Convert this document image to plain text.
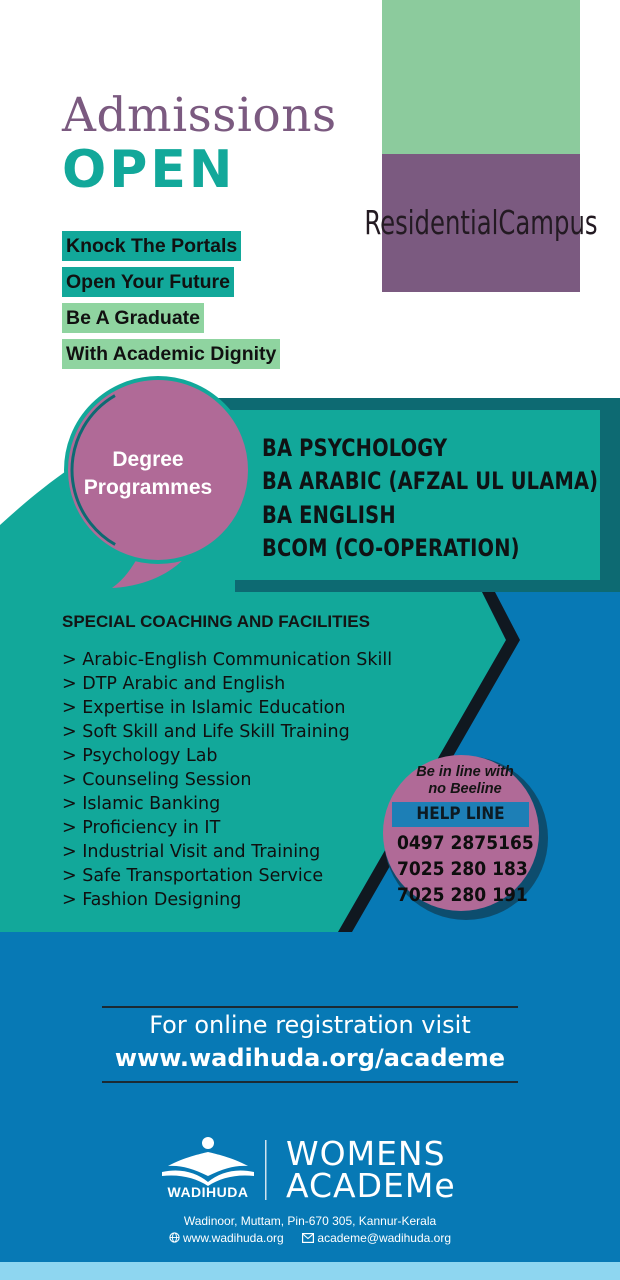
Admissions
OPEN
Residential Campus
Knock The Portals
Open Your Future
Be A Graduate
With Academic Dignity
Degree
Programmes
BA PSYCHOLOGY
BA ARABIC (AFZAL UL ULAMA)
BA ENGLISH
BCOM (CO-OPERATION)
SPECIAL COACHING AND FACILITIES
> Arabic-English Communication Skill
> DTP Arabic and English
> Expertise in Islamic Education
> Soft Skill and Life Skill Training
> Psychology Lab
> Counseling Session
> Islamic Banking
> Proficiency in IT
> Industrial Visit and Training
> Safe Transportation Service
> Fashion Designing
Be in line with
no Beeline
HELP LINE
0497 2875165
7025 280 183
7025 280 191
For online registration visit
www.wadihuda.org/academe
WADIHUDA
WOMENS
ACADEMe
Wadinoor, Muttam, Pin-670 305, Kannur-Kerala
www.wadihuda.org	academe@wadihuda.org
